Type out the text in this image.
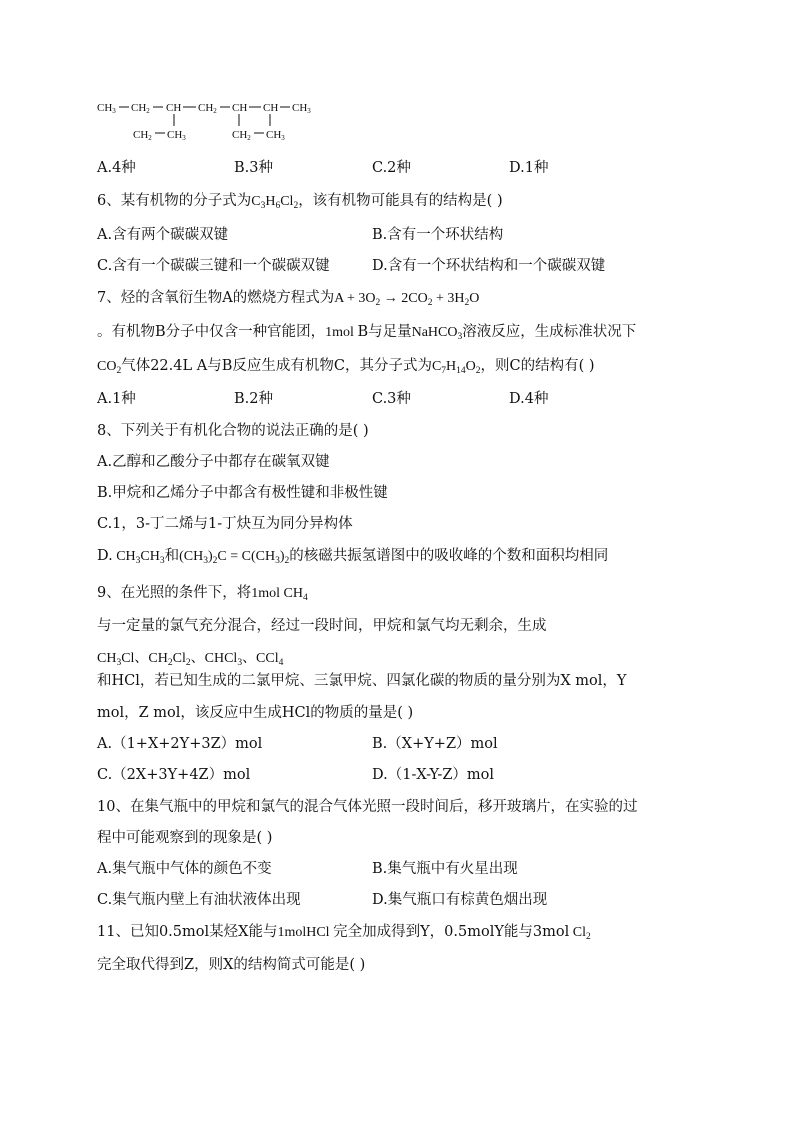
CH3 CH2 CH CH2 CH CH CH3
CH2 CH3	CH2 CH3
A.4种	B.3种	C.2种	D.1种
6、某有机物的分子式为$C_3H_6Cl_2$，该有机物可能具有的结构是( )
A.含有两个碳碳双键	B.含有一个环状结构
C.含有一个碳碳三键和一个碳碳双键	D.含有一个环状结构和一个碳碳双键
7、烃的含氧衍生物A的燃烧方程式为$A + 3O_2 \to 2CO_2 + 3H_2O$
。有机物B分子中仅含一种官能团，1mol B与足量NaHCO$_3$溶液反应，生成标准状况下
$CO_2$气体22.4L A与B反应生成有机物C，其分子式为$C_7H_{14}O_2$，则C的结构有( )
A.1种	B.2种	C.3种	D.4种
8、下列关于有机化合物的说法正确的是( )
A.乙醇和乙酸分子中都存在碳氧双键
B.甲烷和乙烯分子中都含有极性键和非极性键
C.1，3-丁二烯与1-丁炔互为同分异构体
D. $CH_3CH_3$和$(CH_3)_2C = C(CH_3)_2$的核磁共振氢谱图中的吸收峰的个数和面积均相同
9、在光照的条件下，将1mol $CH_4$
与一定量的氯气充分混合，经过一段时间，甲烷和氯气均无剩余，生成
$CH_3Cl$、$CH_2Cl_2$、CHCl$_3$、CCl$_4$
和HCl，若已知生成的二氯甲烷、三氯甲烷、四氯化碳的物质的量分别为X mol，Y
mol，Z mol，该反应中生成HCl的物质的量是( )
A.（1+X+2Y+3Z）mol	B.（X+Y+Z）mol
C.（2X+3Y+4Z）mol	D.（1-X-Y-Z）mol
10、在集气瓶中的甲烷和氯气的混合气体光照一段时间后，移开玻璃片，在实验的过
程中可能观察到的现象是( )
A.集气瓶中气体的颜色不变	B.集气瓶中有火星出现
C.集气瓶内壁上有油状液体出现	D.集气瓶口有棕黄色烟出现
11、已知0.5mol某烃X能与1molHCl 完全加成得到Y，0.5molY能与3mol $Cl_2$
完全取代得到Z，则X的结构简式可能是( )
